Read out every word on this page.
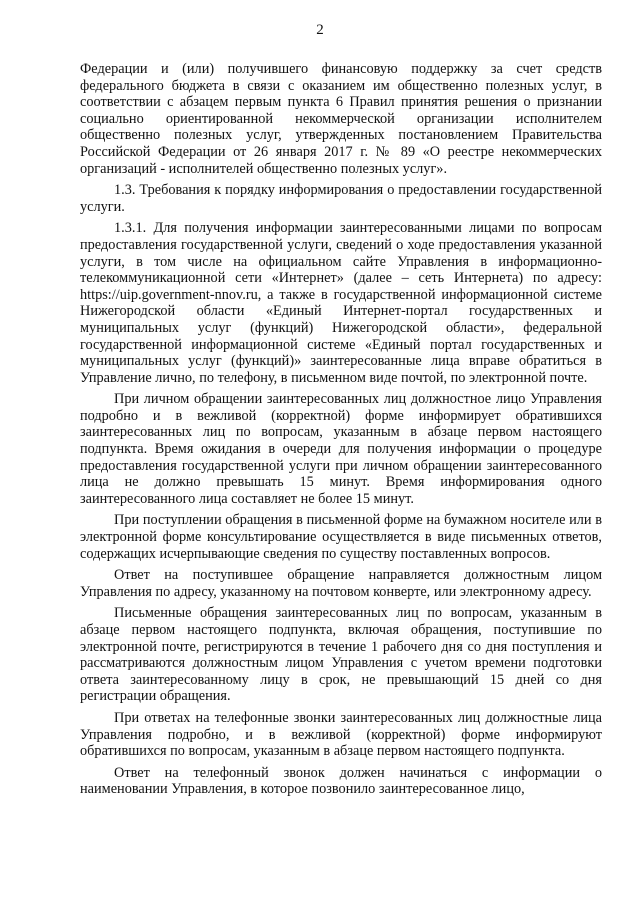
2

Федерации и (или) получившего финансовую поддержку за счет средств федерального бюджета в связи с оказанием им общественно полезных услуг, в соответствии с абзацем первым пункта 6 Правил принятия решения о признании социально ориентированной некоммерческой организации исполнителем общественно полезных услуг, утвержденных постановлением Правительства Российской Федерации от 26 января 2017 г. № 89 «О реестре некоммерческих организаций - исполнителей общественно полезных услуг».

1.3. Требования к порядку информирования о предоставлении государственной услуги.

1.3.1. Для получения информации заинтересованными лицами по вопросам предоставления государственной услуги, сведений о ходе предоставления указанной услуги, в том числе на официальном сайте Управления в информационно-телекоммуникационной сети «Интернет» (далее – сеть Интернета) по адресу: https://uip.government-nnov.ru, а также в государственной информационной системе Нижегородской области «Единый Интернет-портал государственных и муниципальных услуг (функций) Нижегородской области», федеральной государственной информационной системе «Единый портал государственных и муниципальных услуг (функций)» заинтересованные лица вправе обратиться в Управление лично, по телефону, в письменном виде почтой, по электронной почте.

При личном обращении заинтересованных лиц должностное лицо Управления подробно и в вежливой (корректной) форме информирует обратившихся заинтересованных лиц по вопросам, указанным в абзаце первом настоящего подпункта. Время ожидания в очереди для получения информации о процедуре предоставления государственной услуги при личном обращении заинтересованного лица не должно превышать 15 минут. Время информирования одного заинтересованного лица составляет не более 15 минут.

При поступлении обращения в письменной форме на бумажном носителе или в электронной форме консультирование осуществляется в виде письменных ответов, содержащих исчерпывающие сведения по существу поставленных вопросов.

Ответ на поступившее обращение направляется должностным лицом Управления по адресу, указанному на почтовом конверте, или электронному адресу.

Письменные обращения заинтересованных лиц по вопросам, указанным в абзаце первом настоящего подпункта, включая обращения, поступившие по электронной почте, регистрируются в течение 1 рабочего дня со дня поступления и рассматриваются должностным лицом Управления с учетом времени подготовки ответа заинтересованному лицу в срок, не превышающий 15 дней со дня регистрации обращения.

При ответах на телефонные звонки заинтересованных лиц должностные лица Управления подробно, и в вежливой (корректной) форме информируют обратившихся по вопросам, указанным в абзаце первом настоящего подпункта.

Ответ на телефонный звонок должен начинаться с информации о наименовании Управления, в которое позвонило заинтересованное лицо,
